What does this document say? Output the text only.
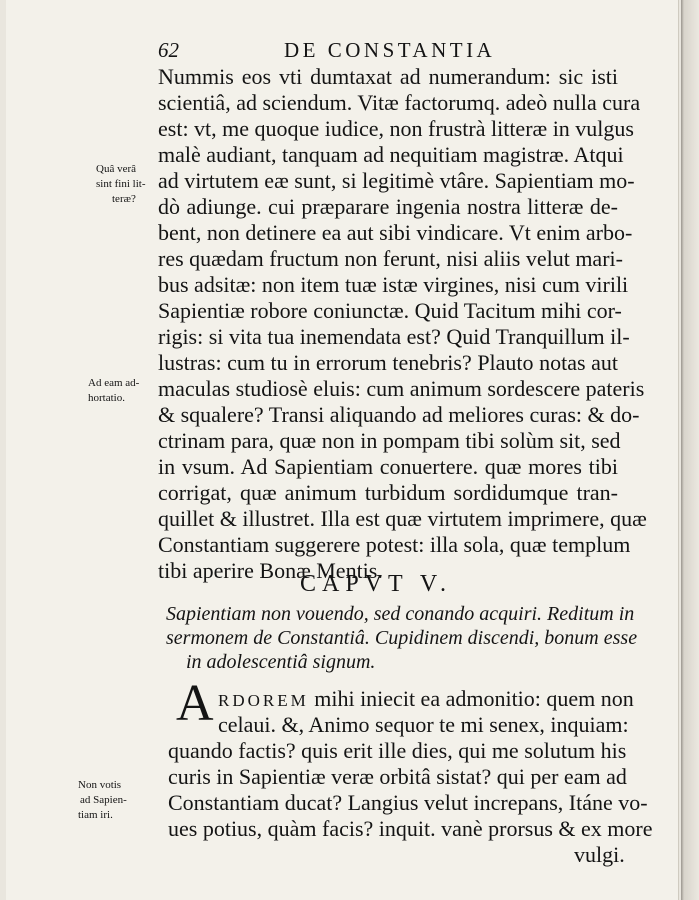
62	DE CONSTANTIA
Nummis eos vti dumtaxat ad numerandum: sic isti
scientiâ, ad sciendum. Vitæ factorumq. adeò nulla cura
est: vt, me quoque iudice, non frustrà litteræ in vulgus
malè audiant, tanquam ad nequitiam magistræ. Atqui
ad virtutem eæ sunt, si legitimè vtâre. Sapientiam mo-
dò adiunge. cui præparare ingenia nostra litteræ de-
bent, non detinere ea aut sibi vindicare. Vt enim arbo-
res quædam fructum non ferunt, nisi aliis velut mari-
bus adsitæ: non item tuæ istæ virgines, nisi cum virili
Sapientiæ robore coniunctæ. Quid Tacitum mihi cor-
rigis: si vita tua inemendata est? Quid Tranquillum il-
lustras: cum tu in errorum tenebris? Plauto notas aut
maculas studiosè eluis: cum animum sordescere pateris
& squalere? Transi aliquando ad meliores curas: & do-
ctrinam para, quæ non in pompam tibi solùm sit, sed
in vsum. Ad Sapientiam conuertere. quæ mores tibi
corrigat, quæ animum turbidum sordidumque tran-
quillet & illustret. Illa est quæ virtutem imprimere, quæ
Constantiam suggerere potest: illa sola, quæ templum
tibi aperire Bonæ Mentis.
Quâ verâ
sint fini lit-
teræ?
Ad eam ad-
hortatio.
Non votis
ad Sapien-
tiam iri.
CAPVT V.
Sapientiam non vouendo, sed conando acquiri. Reditum in
sermonem de Constantiâ. Cupidinem discendi, bonum esse
in adolescentiâ signum.
A RDOREM mihi iniecit ea admonitio: quem non
celaui. &, Animo sequor te mi senex, inquiam:
quando factis? quis erit ille dies, qui me solutum his
curis in Sapientiæ veræ orbitâ sistat? qui per eam ad
Constantiam ducat? Langius velut increpans, Itáne vo-
ues potius, quàm facis? inquit. vanè prorsus & ex more
vulgi.
